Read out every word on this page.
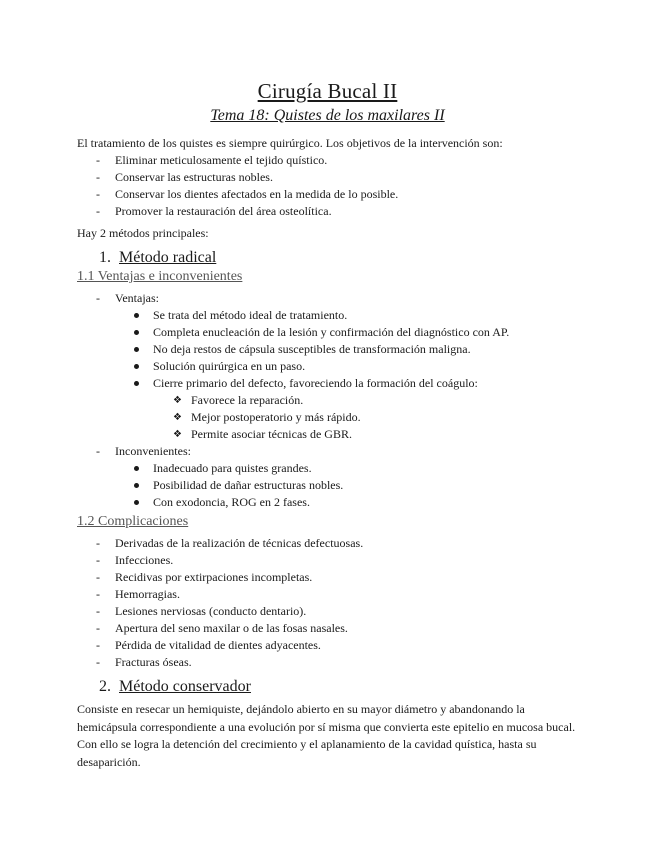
Cirugía Bucal II
Tema 18: Quistes de los maxilares II

El tratamiento de los quistes es siempre quirúrgico. Los objetivos de la intervención son:

- Eliminar meticulosamente el tejido quístico.
- Conservar las estructuras nobles.
- Conservar los dientes afectados en la medida de lo posible.
- Promover la restauración del área osteolítica.

Hay 2 métodos principales:

1. Método radical
1.1 Ventajas e inconvenientes
- Ventajas:
Se trata del método ideal de tratamiento.
Completa enucleación de la lesión y confirmación del diagnóstico con AP.
No deja restos de cápsula susceptibles de transformación maligna.
Solución quirúrgica en un paso.
Cierre primario del defecto, favoreciendo la formación del coágulo:
❖ Favorece la reparación.
❖ Mejor postoperatorio y más rápido.
❖ Permite asociar técnicas de GBR.
- Inconvenientes:
Inadecuado para quistes grandes.
Posibilidad de dañar estructuras nobles.
Con exodoncia, ROG en 2 fases.
1.2 Complicaciones
- Derivadas de la realización de técnicas defectuosas.
- Infecciones.
- Recidivas por extirpaciones incompletas.
- Hemorragias.
- Lesiones nerviosas (conducto dentario).
- Apertura del seno maxilar o de las fosas nasales.
- Pérdida de vitalidad de dientes adyacentes.
- Fracturas óseas.
2. Método conservador

Consiste en resecar un hemiquiste, dejándolo abierto en su mayor diámetro y abandonando la hemicápsula correspondiente a una evolución por sí misma que convierta este epitelio en mucosa bucal. Con ello se logra la detención del crecimiento y el aplanamiento de la cavidad quística, hasta su desaparición.
